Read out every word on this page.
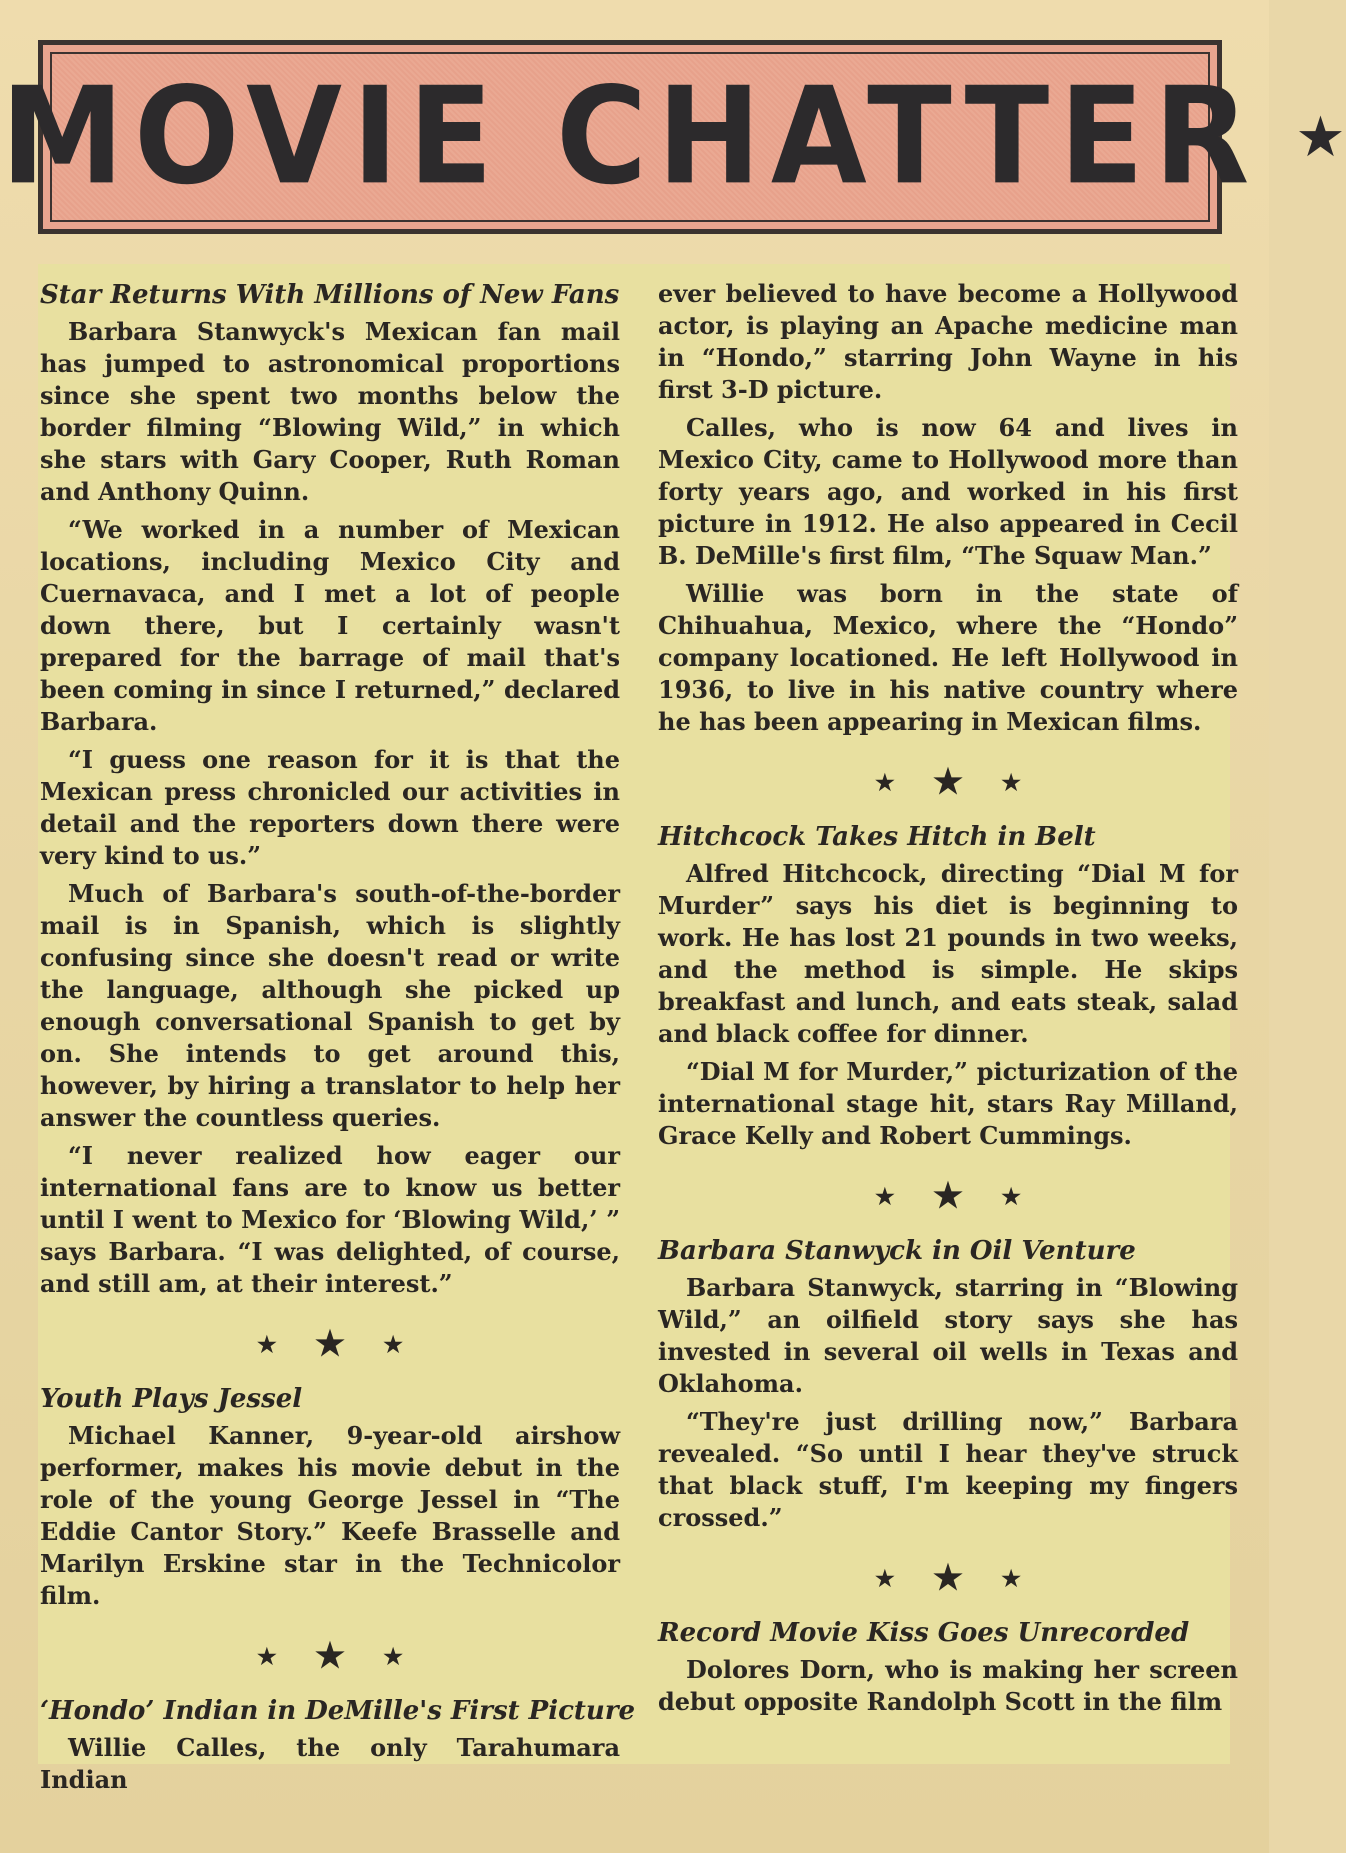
MOVIE CHATTER ★
Star Returns With Millions of New Fans

Barbara Stanwyck's Mexican fan mail has jumped to astronomical proportions since she spent two months below the border filming “Blowing Wild,” in which she stars with Gary Cooper, Ruth Roman and Anthony Quinn.

“We worked in a number of Mexican locations, including Mexico City and Cuernavaca, and I met a lot of people down there, but I certainly wasn't prepared for the barrage of mail that's been coming in since I returned,” declared Barbara.

“I guess one reason for it is that the Mexican press chronicled our activities in detail and the reporters down there were very kind to us.”

Much of Barbara's south-of-the-border mail is in Spanish, which is slightly confusing since she doesn't read or write the language, although she picked up enough conversational Spanish to get by on. She intends to get around this, however, by hiring a translator to help her answer the countless queries.

“I never realized how eager our international fans are to know us better until I went to Mexico for ‘Blowing Wild,’ ” says Barbara. “I was delighted, of course, and still am, at their interest.”

★ ★ ★
Youth Plays Jessel

Michael Kanner, 9-year-old airshow performer, makes his movie debut in the role of the young George Jessel in “The Eddie Cantor Story.” Keefe Brasselle and Marilyn Erskine star in the Technicolor film.

★ ★ ★
‘Hondo’ Indian in DeMille's First Picture

Willie Calles, the only Tarahumara Indian

ever believed to have become a Hollywood actor, is playing an Apache medicine man in “Hondo,” starring John Wayne in his first 3-D picture.

Calles, who is now 64 and lives in Mexico City, came to Hollywood more than forty years ago, and worked in his first picture in 1912. He also appeared in Cecil B. DeMille's first film, “The Squaw Man.”

Willie was born in the state of Chihuahua, Mexico, where the “Hondo” company locationed. He left Hollywood in 1936, to live in his native country where he has been appearing in Mexican films.

★ ★ ★
Hitchcock Takes Hitch in Belt

Alfred Hitchcock, directing “Dial M for Murder” says his diet is beginning to work. He has lost 21 pounds in two weeks, and the method is simple. He skips breakfast and lunch, and eats steak, salad and black coffee for dinner.

“Dial M for Murder,” picturization of the international stage hit, stars Ray Milland, Grace Kelly and Robert Cummings.

★ ★ ★
Barbara Stanwyck in Oil Venture

Barbara Stanwyck, starring in “Blowing Wild,” an oilfield story says she has invested in several oil wells in Texas and Oklahoma.

“They're just drilling now,” Barbara revealed. “So until I hear they've struck that black stuff, I'm keeping my fingers crossed.”

★ ★ ★
Record Movie Kiss Goes Unrecorded

Dolores Dorn, who is making her screen debut opposite Randolph Scott in the film
